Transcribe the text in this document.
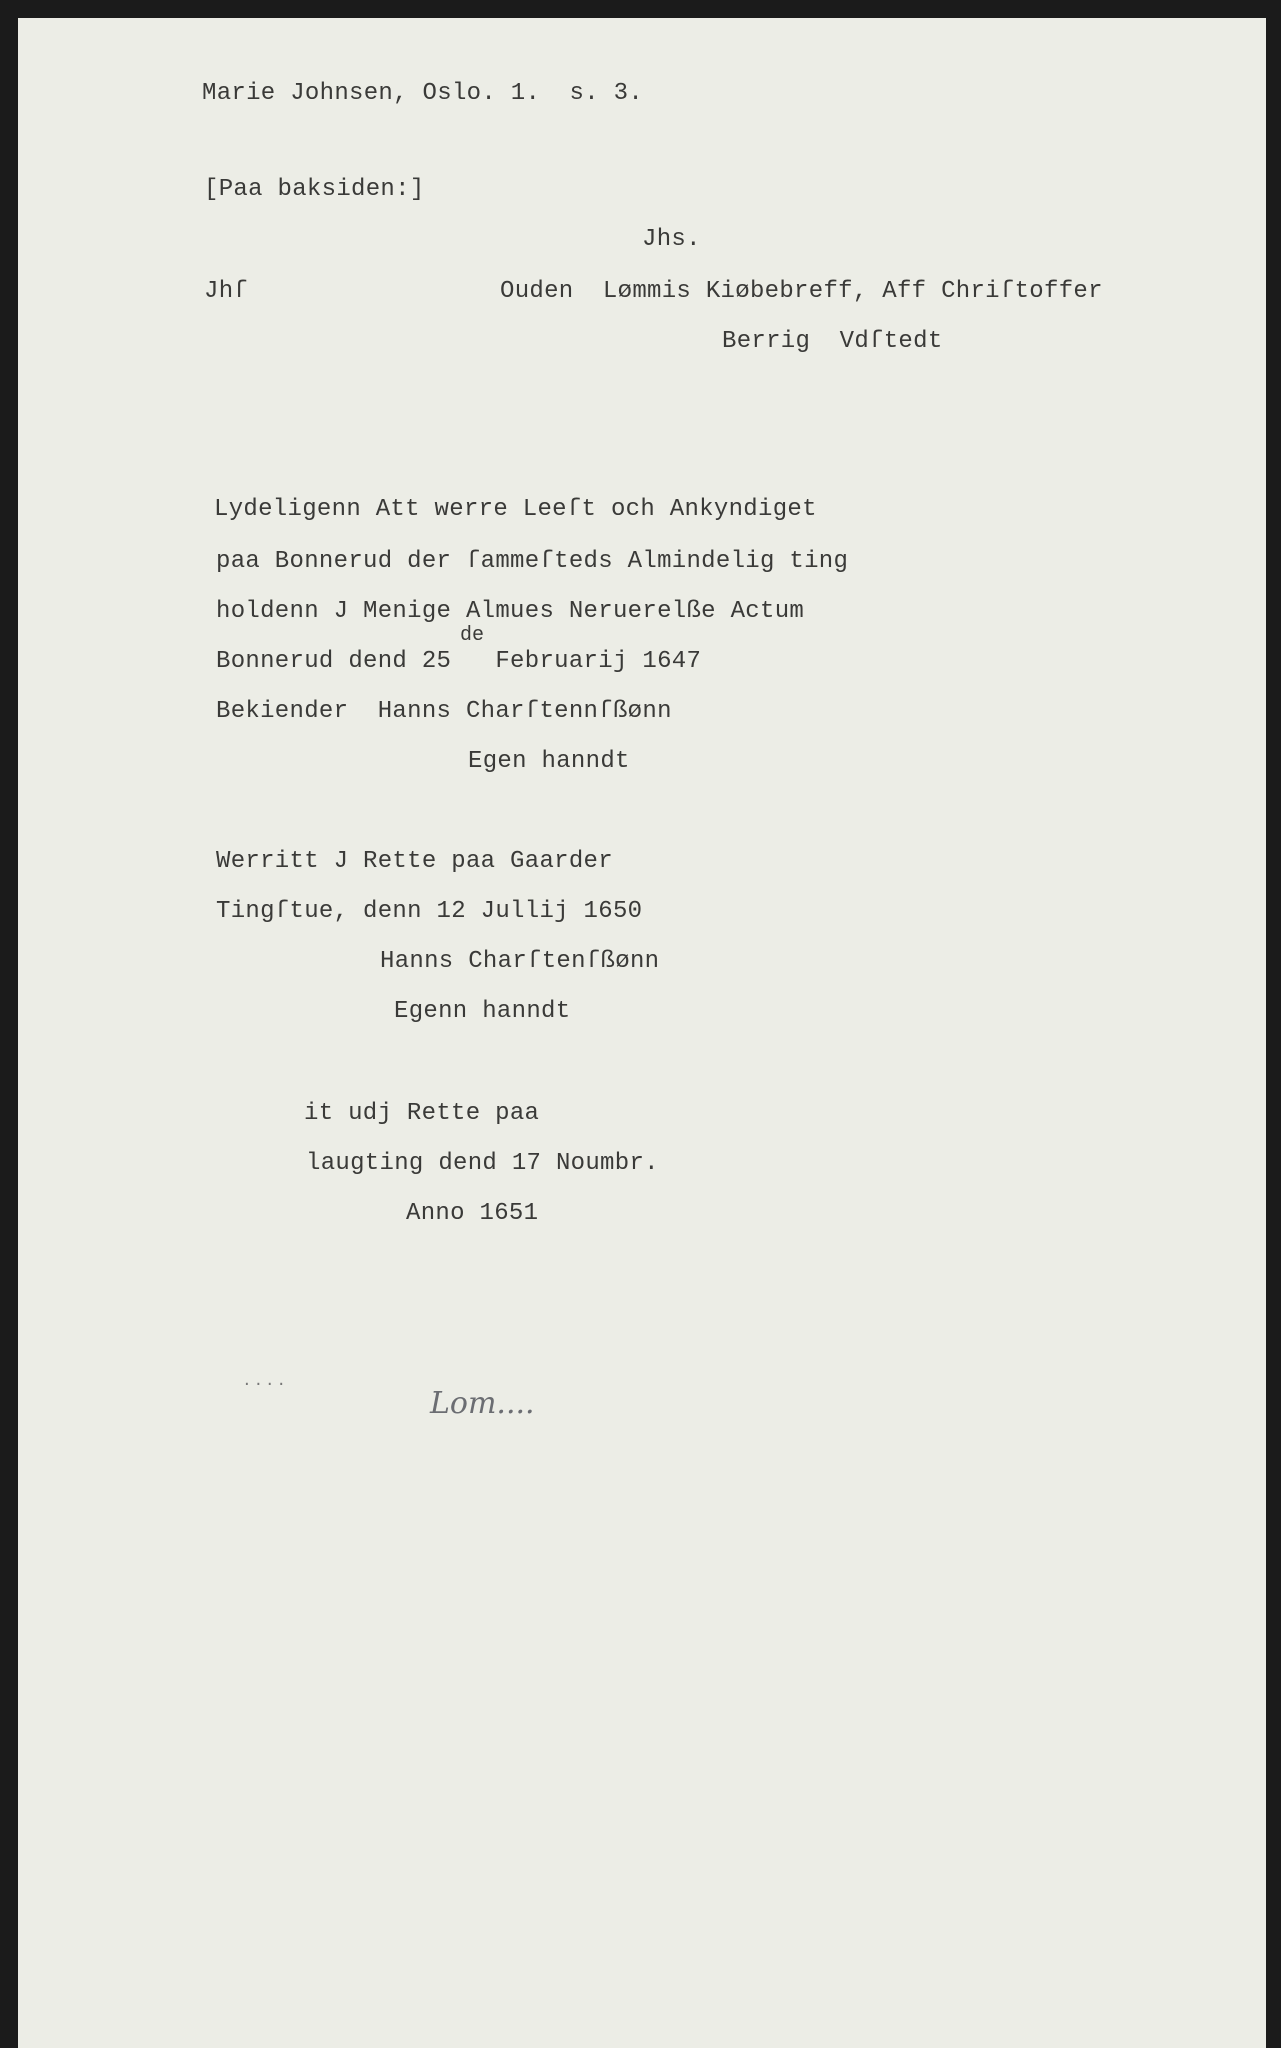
Marie Johnsen, Oslo. 1.  s. 3.
[Paa baksiden:]
Jhs.
Jhſ	Ouden  Lømmis Kiøbebreff, Aff Chriſtoffer
Berrig  Vdſtedt
Lydeligenn Att werre Leeſt och Ankyndiget
paa Bonnerud der ſammeſteds Almindelig ting
holdenn J Menige Almues Neruerelße Actum
de
Bonnerud dend 25   Februarij 1647
Bekiender  Hanns Charſtennſßønn
Egen hanndt
Werritt J Rette paa Gaarder
Tingſtue, denn 12 Jullij 1650
Hanns Charſtenſßønn
Egenn hanndt
it udj Rette paa
laugting dend 17 Noumbr.
Anno 1651
· · · ·
Lom....
